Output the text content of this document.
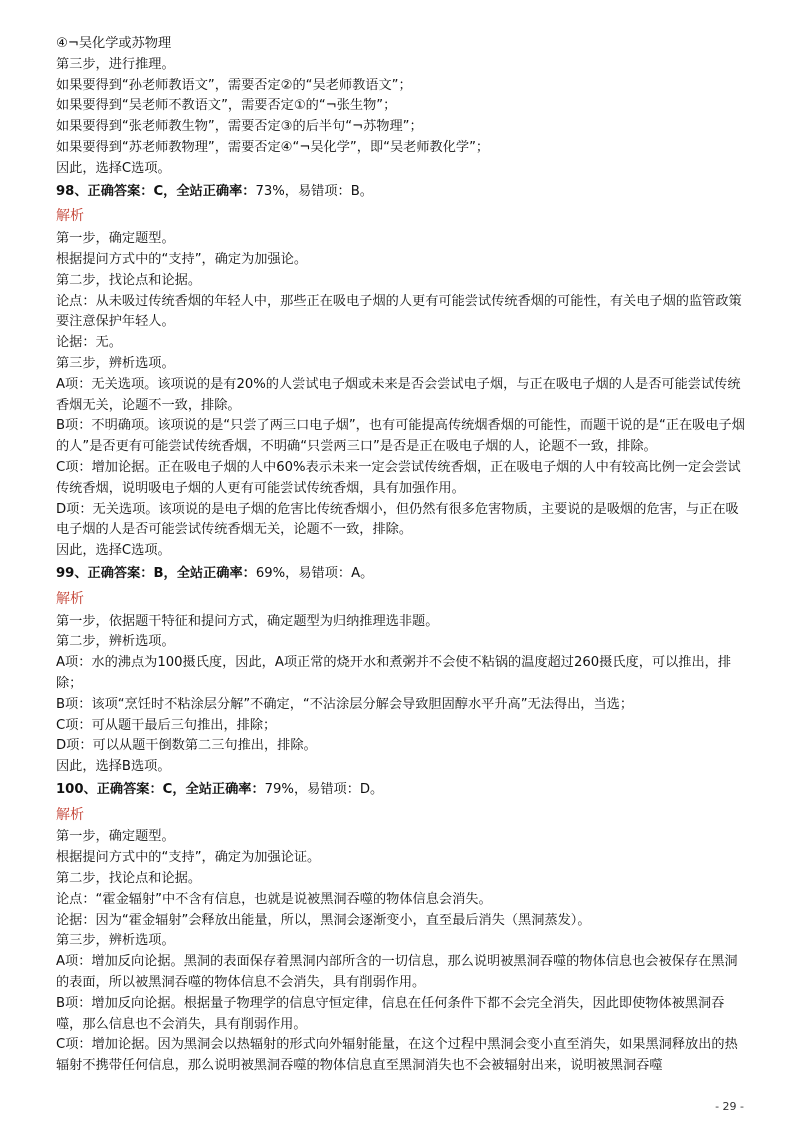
④¬吴化学或苏物理
第三步，进行推理。
如果要得到“孙老师教语文”，需要否定②的“吴老师教语文”；
如果要得到“吴老师不教语文”，需要否定①的“¬张生物”；
如果要得到“张老师教生物”，需要否定③的后半句“¬苏物理”；
如果要得到“苏老师教物理”，需要否定④“¬吴化学”，即“吴老师教化学”；
因此，选择C选项。
98、正确答案：C，全站正确率：73%，易错项：B。
解析
第一步，确定题型。
根据提问方式中的“支持”，确定为加强论。
第二步，找论点和论据。
论点：从未吸过传统香烟的年轻人中，那些正在吸电子烟的人更有可能尝试传统香烟的可能性，有关电子烟的监管政策要注意保护年轻人。
论据：无。
第三步，辨析选项。
A项：无关选项。该项说的是有20%的人尝试电子烟或未来是否会尝试电子烟，与正在吸电子烟的人是否可能尝试传统香烟无关，论题不一致，排除。
B项：不明确项。该项说的是“只尝了两三口电子烟”，也有可能提高传统烟香烟的可能性，而题干说的是“正在吸电子烟的人”是否更有可能尝试传统香烟，不明确“只尝两三口”是否是正在吸电子烟的人，论题不一致，排除。
C项：增加论据。正在吸电子烟的人中60%表示未来一定会尝试传统香烟，正在吸电子烟的人中有较高比例一定会尝试传统香烟，说明吸电子烟的人更有可能尝试传统香烟，具有加强作用。
D项：无关选项。该项说的是电子烟的危害比传统香烟小，但仍然有很多危害物质，主要说的是吸烟的危害，与正在吸电子烟的人是否可能尝试传统香烟无关，论题不一致，排除。
因此，选择C选项。
99、正确答案：B，全站正确率：69%，易错项：A。
解析
第一步，依据题干特征和提问方式，确定题型为归纳推理选非题。
第二步，辨析选项。
A项：水的沸点为100摄氏度，因此，A项正常的烧开水和煮粥并不会使不粘锅的温度超过260摄氏度，可以推出，排除；
B项：该项“烹饪时不粘涂层分解”不确定，“不沾涂层分解会导致胆固醇水平升高”无法得出，当选；
C项：可从题干最后三句推出，排除；
D项：可以从题干倒数第二三句推出，排除。
因此，选择B选项。
100、正确答案：C，全站正确率：79%，易错项：D。
解析
第一步，确定题型。
根据提问方式中的“支持”，确定为加强论证。
第二步，找论点和论据。
论点：“霍金辐射”中不含有信息，也就是说被黑洞吞噬的物体信息会消失。
论据：因为“霍金辐射”会释放出能量，所以，黑洞会逐渐变小，直至最后消失（黑洞蒸发）。
第三步，辨析选项。
A项：增加反向论据。黑洞的表面保存着黑洞内部所含的一切信息，那么说明被黑洞吞噬的物体信息也会被保存在黑洞的表面，所以被黑洞吞噬的物体信息不会消失，具有削弱作用。
B项：增加反向论据。根据量子物理学的信息守恒定律，信息在任何条件下都不会完全消失，因此即使物体被黑洞吞噬，那么信息也不会消失，具有削弱作用。
C项：增加论据。因为黑洞会以热辐射的形式向外辐射能量，在这个过程中黑洞会变小直至消失，如果黑洞释放出的热辐射不携带任何信息，那么说明被黑洞吞噬的物体信息直至黑洞消失也不会被辐射出来，说明被黑洞吞噬
- 29 -
